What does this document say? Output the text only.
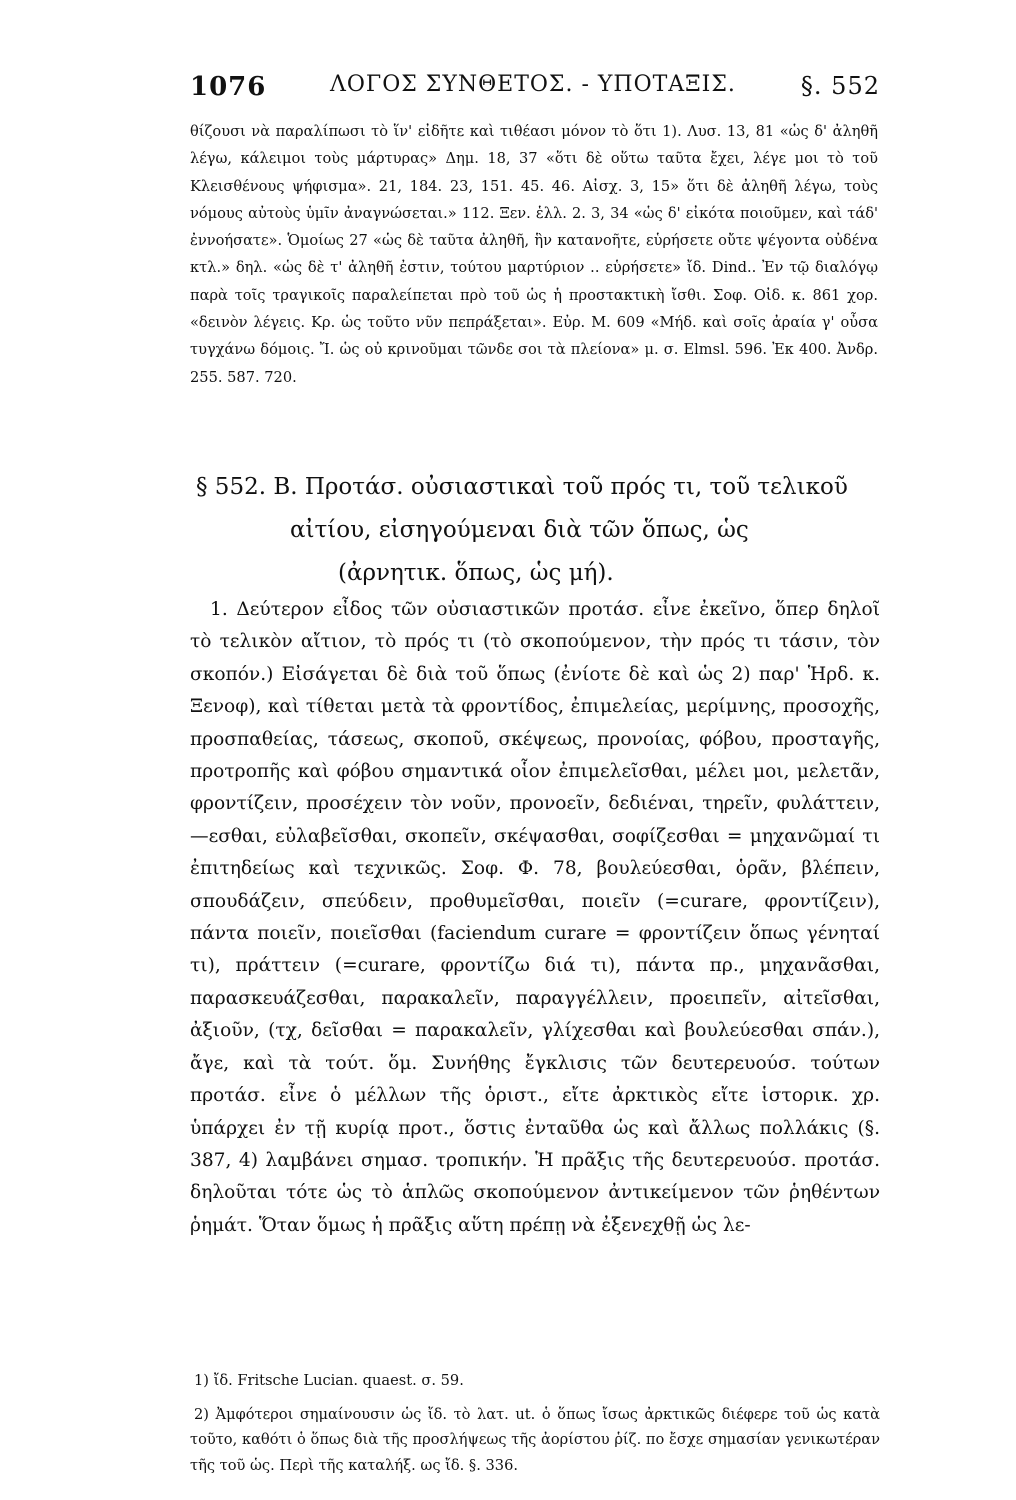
1076	ΛΟΓΟΣ ΣΥΝΘΕΤΟΣ. - ΥΠΟΤΑΞΙΣ.	§. 552
θίζουσι νὰ παραλίπωσι τὸ ἵν' εἰδῆτε καὶ τιθέασι μόνον τὸ ὅτι 1). Λυσ. 13, 81 «ὡς δ' ἀληθῆ λέγω, κάλειμοι τοὺς μάρτυρας» Δημ. 18, 37 «ὅτι δὲ οὕτω ταῦτα ἔχει, λέγε μοι τὸ τοῦ Κλεισθένους ψήφισμα». 21, 184. 23, 151. 45. 46. Αἰσχ. 3, 15» ὅτι δὲ ἀληθῆ λέγω, τοὺς νόμους αὐτοὺς ὑμῖν ἀναγνώσεται.» 112. Ξεν. ἑλλ. 2. 3, 34 «ὡς δ' εἰκότα ποιοῦμεν, καὶ τάδ' ἐννοήσατε». Ὁμοίως 27 «ὡς δὲ ταῦτα ἀληθῆ, ἣν κατανοῆτε, εὑρήσετε οὔτε ψέγοντα οὐδένα κτλ.» δηλ. «ὡς δὲ τ' ἀληθῆ ἐστιν, τούτου μαρτύριον .. εὑρήσετε» ἴδ. Dind.. Ἐν τῷ διαλόγῳ παρὰ τοῖς τραγικοῖς παραλείπεται πρὸ τοῦ ὡς ἡ προστακτικὴ ἴσθι. Σοφ. Οἰδ. κ. 861 χορ. «δεινὸν λέγεις. Κρ. ὡς τοῦτο νῦν πεπράξεται». Εὐρ. Μ. 609 «Μήδ. καὶ σοῖς ἀραία γ' οὖσα τυγχάνω δόμοις. Ἴ. ὡς οὐ κρινοῦμαι τῶνδε σοι τὰ πλείονα» μ. σ. Elmsl. 596. Ἐκ 400. Ἀνδρ. 255. 587. 720.
§ 552. Β. Προτάσ. οὐσιαστικαὶ τοῦ πρός τι, τοῦ τελικοῦ
αἰτίου, εἰσηγούμεναι διὰ τῶν ὅπως, ὡς
(ἀρνητικ. ὅπως, ὡς μή).

1. Δεύτερον εἶδος τῶν οὐσιαστικῶν προτάσ. εἶνε ἐκεῖνο, ὅπερ δηλοῖ τὸ τελικὸν αἴτιον, τὸ πρός τι (τὸ σκοπούμενον, τὴν πρός τι τάσιν, τὸν σκοπόν.) Εἰσάγεται δὲ διὰ τοῦ ὅπως (ἐνίοτε δὲ καὶ ὡς 2) παρ' Ἡρδ. κ. Ξενοφ), καὶ τίθεται μετὰ τὰ φροντίδος, ἐπιμελείας, μερίμνης, προσοχῆς, προσπαθείας, τάσεως, σκοποῦ, σκέψεως, προνοίας, φόβου, προσταγῆς, προτροπῆς καὶ φόβου σημαντικά οἷον ἐπιμελεῖσθαι, μέλει μοι, μελετᾶν, φροντίζειν, προσέχειν τὸν νοῦν, προνοεῖν, δεδιέναι, τηρεῖν, φυλάττειν, —εσθαι, εὐλαβεῖσθαι, σκοπεῖν, σκέψασθαι, σοφίζεσθαι = μηχανῶμαί τι ἐπιτηδείως καὶ τεχνικῶς. Σοφ. Φ. 78, βουλεύεσθαι, ὁρᾶν, βλέπειν, σπουδάζειν, σπεύδειν, προθυμεῖσθαι, ποιεῖν (=curare, φροντίζειν), πάντα ποιεῖν, ποιεῖσθαι (faciendum curare = φροντίζειν ὅπως γένηταί τι), πράττειν (=curare, φροντίζω διά τι), πάντα πρ., μηχανᾶσθαι, παρασκευάζεσθαι, παρακαλεῖν, παραγγέλλειν, προειπεῖν, αἰτεῖσθαι, ἀξιοῦν, (τχ, δεῖσθαι = παρακαλεῖν, γλίχεσθαι καὶ βουλεύεσθαι σπάν.), ἄγε, καὶ τὰ τούτ. ὅμ. Συνήθης ἔγκλισις τῶν δευτερευούσ. τούτων προτάσ. εἶνε ὁ μέλλων τῆς ὁριστ., εἴτε ἀρκτικὸς εἴτε ἱστορικ. χρ. ὑπάρχει ἐν τῇ κυρίᾳ προτ., ὅστις ἐνταῦθα ὡς καὶ ἄλλως πολλάκις (§. 387, 4) λαμβάνει σημασ. τροπικήν. Ἡ πρᾶξις τῆς δευτερευούσ. προτάσ. δηλοῦται τότε ὡς τὸ ἁπλῶς σκοπούμενον ἀντικείμενον τῶν ῥηθέντων ῥημάτ. Ὅταν ὅμως ἡ πρᾶξις αὕτη πρέπῃ νὰ ἐξενεχθῇ ὡς λε-

1) ἴδ. Fritsche Lucian. quaest. σ. 59.

2) Ἀμφότεροι σημαίνουσιν ὡς ἴδ. τὸ λατ. ut. ὁ ὅπως ἴσως ἀρκτικῶς διέφερε τοῦ ὡς κατὰ τοῦτο, καθότι ὁ ὅπως διὰ τῆς προσλήψεως τῆς ἀορίστου ῥίζ. πο ἔσχε σημασίαν γενικωτέραν τῆς τοῦ ὡς. Περὶ τῆς καταλήξ. ως ἴδ. §. 336.
